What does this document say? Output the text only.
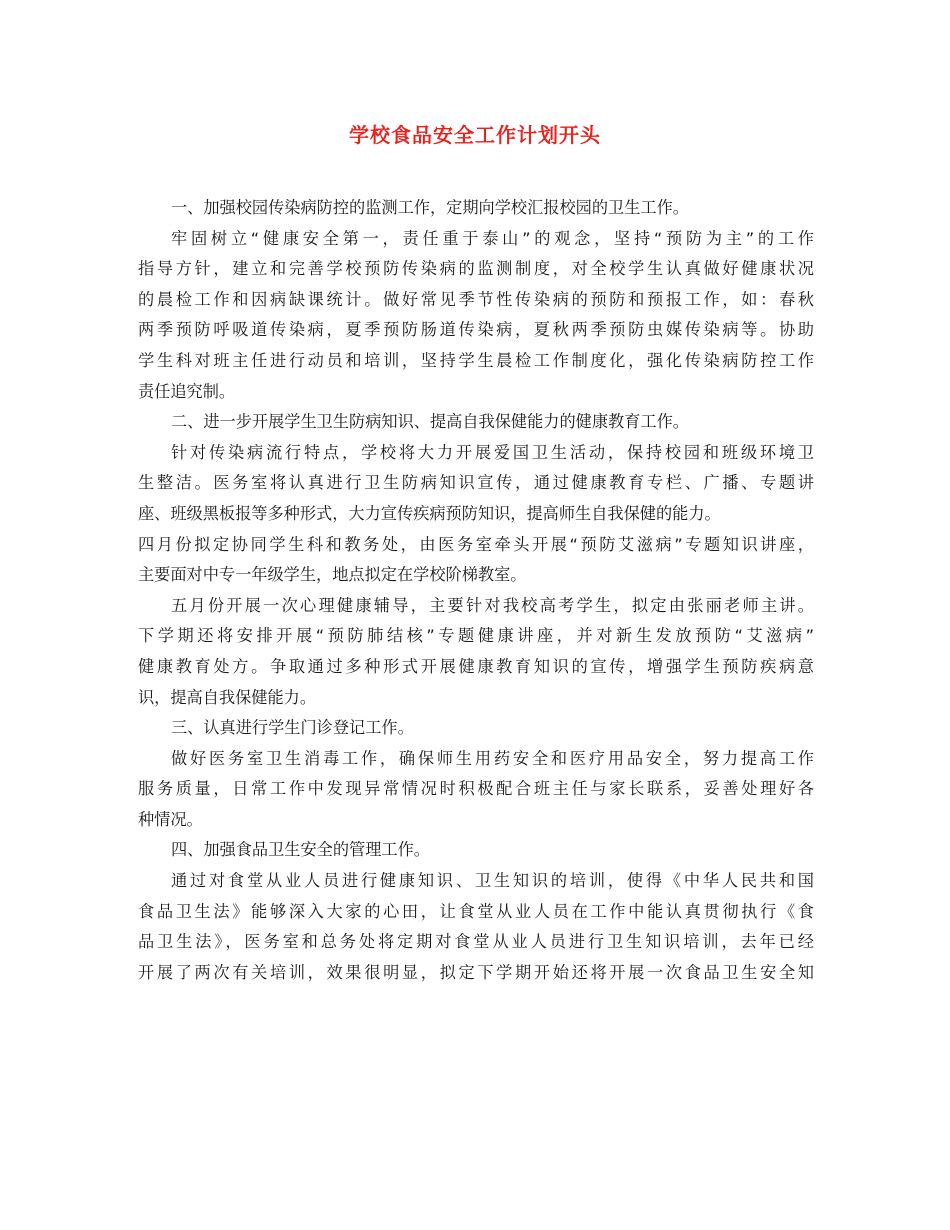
学校食品安全工作计划开头
一、加强校园传染病防控的监测工作，定期向学校汇报校园的卫生工作。
牢固树立“健康安全第一，责任重于泰山”的观念，坚持“预防为主”的工作
指导方针，建立和完善学校预防传染病的监测制度，对全校学生认真做好健康状况
的晨检工作和因病缺课统计。做好常见季节性传染病的预防和预报工作，如：春秋
两季预防呼吸道传染病，夏季预防肠道传染病，夏秋两季预防虫媒传染病等。协助
学生科对班主任进行动员和培训，坚持学生晨检工作制度化，强化传染病防控工作
责任追究制。
二、进一步开展学生卫生防病知识、提高自我保健能力的健康教育工作。
针对传染病流行特点，学校将大力开展爱国卫生活动，保持校园和班级环境卫
生整洁。医务室将认真进行卫生防病知识宣传，通过健康教育专栏、广播、专题讲
座、班级黑板报等多种形式，大力宣传疾病预防知识，提高师生自我保健的能力。
四月份拟定协同学生科和教务处，由医务室牵头开展“预防艾滋病”专题知识讲座，
主要面对中专一年级学生，地点拟定在学校阶梯教室。
五月份开展一次心理健康辅导，主要针对我校高考学生，拟定由张丽老师主讲。
下学期还将安排开展“预防肺结核”专题健康讲座，并对新生发放预防“艾滋病”
健康教育处方。争取通过多种形式开展健康教育知识的宣传，增强学生预防疾病意
识，提高自我保健能力。
三、认真进行学生门诊登记工作。
做好医务室卫生消毒工作，确保师生用药安全和医疗用品安全，努力提高工作
服务质量，日常工作中发现异常情况时积极配合班主任与家长联系，妥善处理好各
种情况。
四、加强食品卫生安全的管理工作。
通过对食堂从业人员进行健康知识、卫生知识的培训，使得《中华人民共和国
食品卫生法》能够深入大家的心田，让食堂从业人员在工作中能认真贯彻执行《食
品卫生法》，医务室和总务处将定期对食堂从业人员进行卫生知识培训，去年已经
开展了两次有关培训，效果很明显，拟定下学期开始还将开展一次食品卫生安全知
